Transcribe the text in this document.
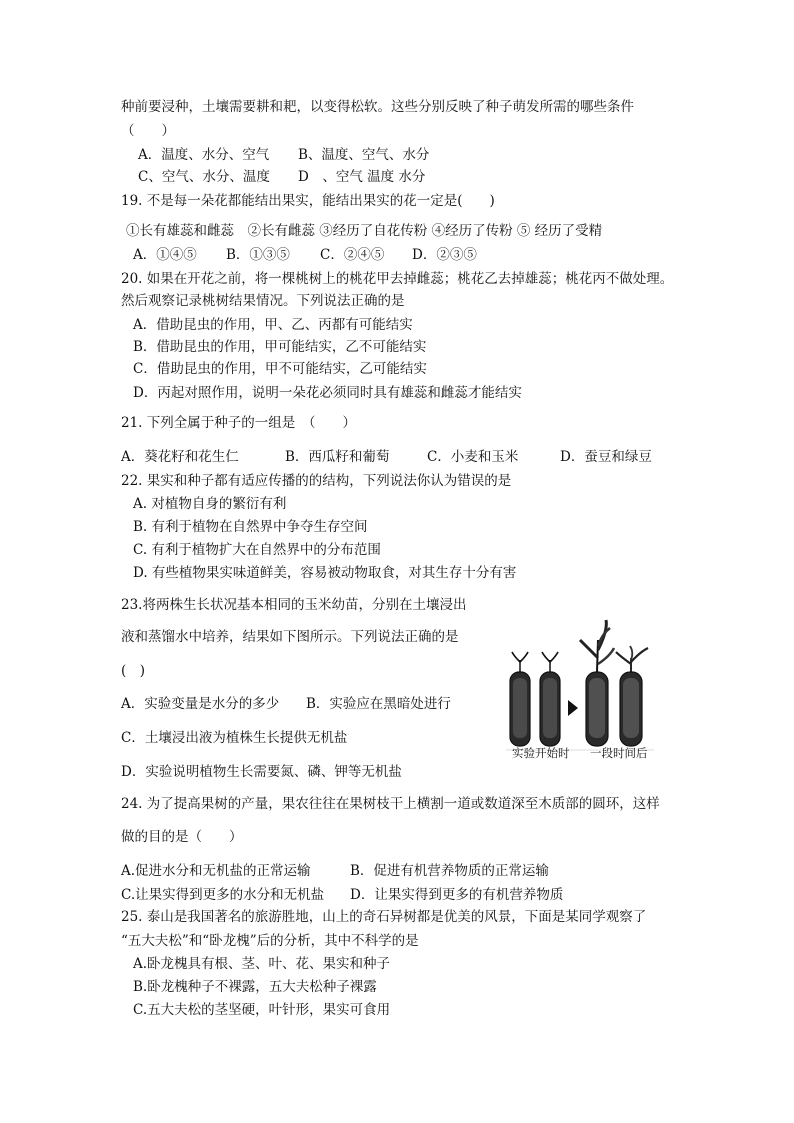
种前要浸种，土壤需要耕和耙，以变得松软。这些分别反映了种子萌发所需的哪些条件
（　　）
A．温度、水分、空气 B、温度、空气、水分
C、空气、水分、温度 D　、空气 温度 水分
19. 不是每一朵花都能结出果实，能结出果实的花一定是(　　)
①长有雄蕊和雌蕊　②长有雌蕊 ③经历了自花传粉 ④经历了传粉 ⑤ 经历了受精
A．①④⑤ B．①③⑤ C．②④⑤ D．②③⑤
20. 如果在开花之前，将一棵桃树上的桃花甲去掉雌蕊；桃花乙去掉雄蕊；桃花丙不做处理。
然后观察记录桃树结果情况。下列说法正确的是
A．借助昆虫的作用，甲、乙、丙都有可能结实
B．借助昆虫的作用，甲可能结实，乙不可能结实
C．借助昆虫的作用，甲不可能结实，乙可能结实
D．丙起对照作用，说明一朵花必须同时具有雄蕊和雌蕊才能结实
21. 下列全属于种子的一组是　（　　）
A．葵花籽和花生仁	B．西瓜籽和葡萄	C．小麦和玉米	D．蚕豆和绿豆
22. 果实和种子都有适应传播的的结构，下列说法你认为错误的是
A. 对植物自身的繁衍有利
B. 有利于植物在自然界中争夺生存空间
C. 有利于植物扩大在自然界中的分布范围
D. 有些植物果实味道鲜美，容易被动物取食，对其生存十分有害
23.将两株生长状况基本相同的玉米幼苗，分别在土壤浸出
液和蒸馏水中培养，结果如下图所示。下列说法正确的是
(　)
A．实验变量是水分的多少 B．实验应在黑暗处进行
C．土壤浸出液为植株生长提供无机盐
D．实验说明植物生长需要氮、磷、钾等无机盐
实验开始时 一段时间后
24. 为了提高果树的产量，果农往往在果树枝干上横割一道或数道深至木质部的圆环，这样
做的目的是（　　）
A.促进水分和无机盐的正常运输	B．促进有机营养物质的正常运输
C.让果实得到更多的水分和无机盐 D．让果实得到更多的有机营养物质
25. 泰山是我国著名的旅游胜地，山上的奇石异树都是优美的风景，下面是某同学观察了
“五大夫松”和“卧龙槐”后的分析，其中不科学的是
A.卧龙槐具有根、茎、叶、花、果实和种子
B.卧龙槐种子不裸露，五大夫松种子裸露
C.五大夫松的茎坚硬，叶针形，果实可食用
